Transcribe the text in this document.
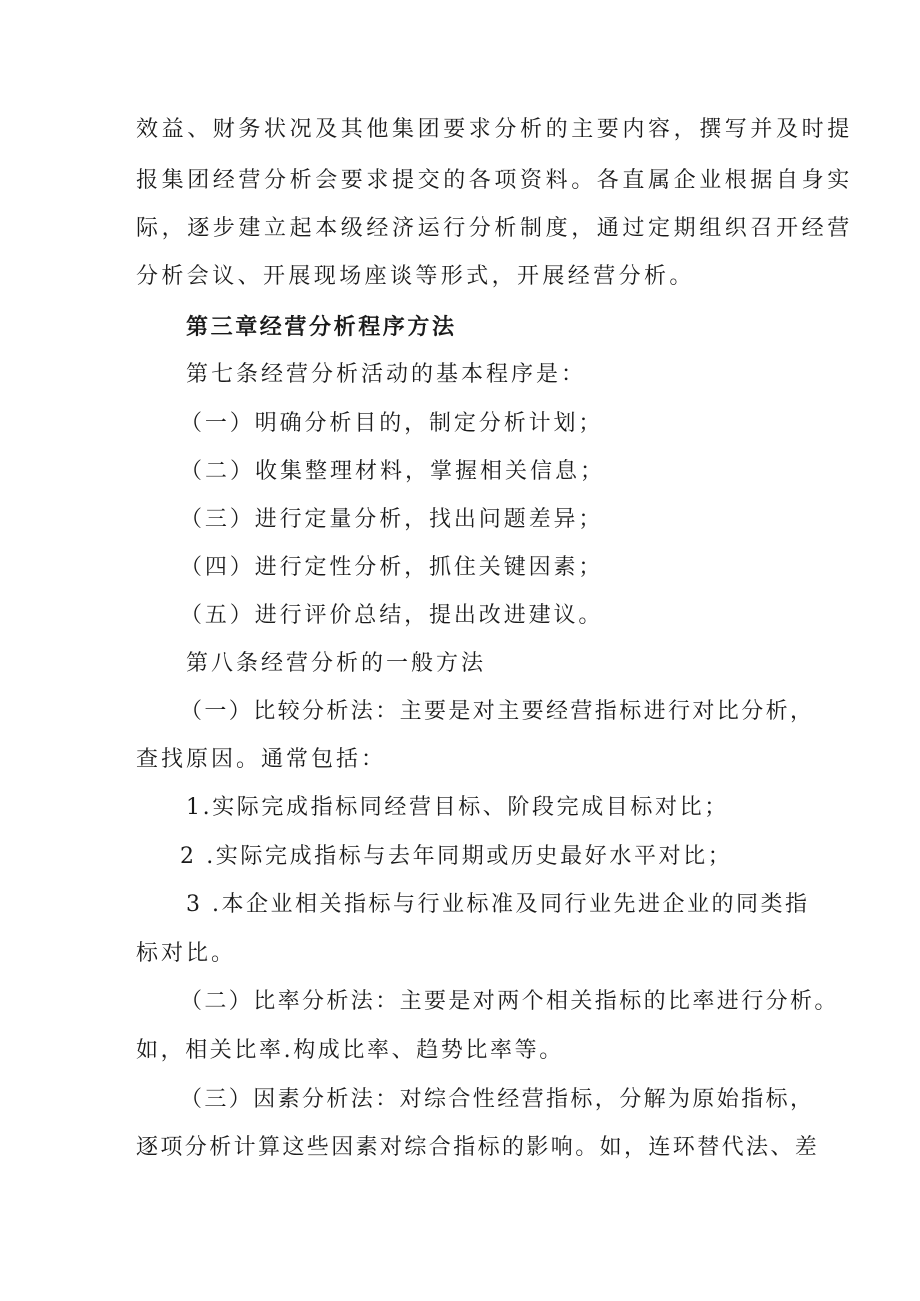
效益、财务状况及其他集团要求分析的主要内容，撰写并及时提
报集团经营分析会要求提交的各项资料。各直属企业根据自身实
际，逐步建立起本级经济运行分析制度，通过定期组织召开经营
分析会议、开展现场座谈等形式，开展经营分析。
第三章经营分析程序方法
第七条经营分析活动的基本程序是：
（一）明确分析目的，制定分析计划；
（二）收集整理材料，掌握相关信息；
（三）进行定量分析，找出问题差异；
（四）进行定性分析，抓住关键因素；
（五）进行评价总结，提出改进建议。
第八条经营分析的一般方法
（一）比较分析法：主要是对主要经营指标进行对比分析，
查找原因。通常包括：
1.实际完成指标同经营目标、阶段完成目标对比；
2 .实际完成指标与去年同期或历史最好水平对比；
3 .本企业相关指标与行业标准及同行业先进企业的同类指
标对比。
（二）比率分析法：主要是对两个相关指标的比率进行分析。
如，相关比率.构成比率、趋势比率等。
（三）因素分析法：对综合性经营指标，分解为原始指标，
逐项分析计算这些因素对综合指标的影响。如，连环替代法、差
